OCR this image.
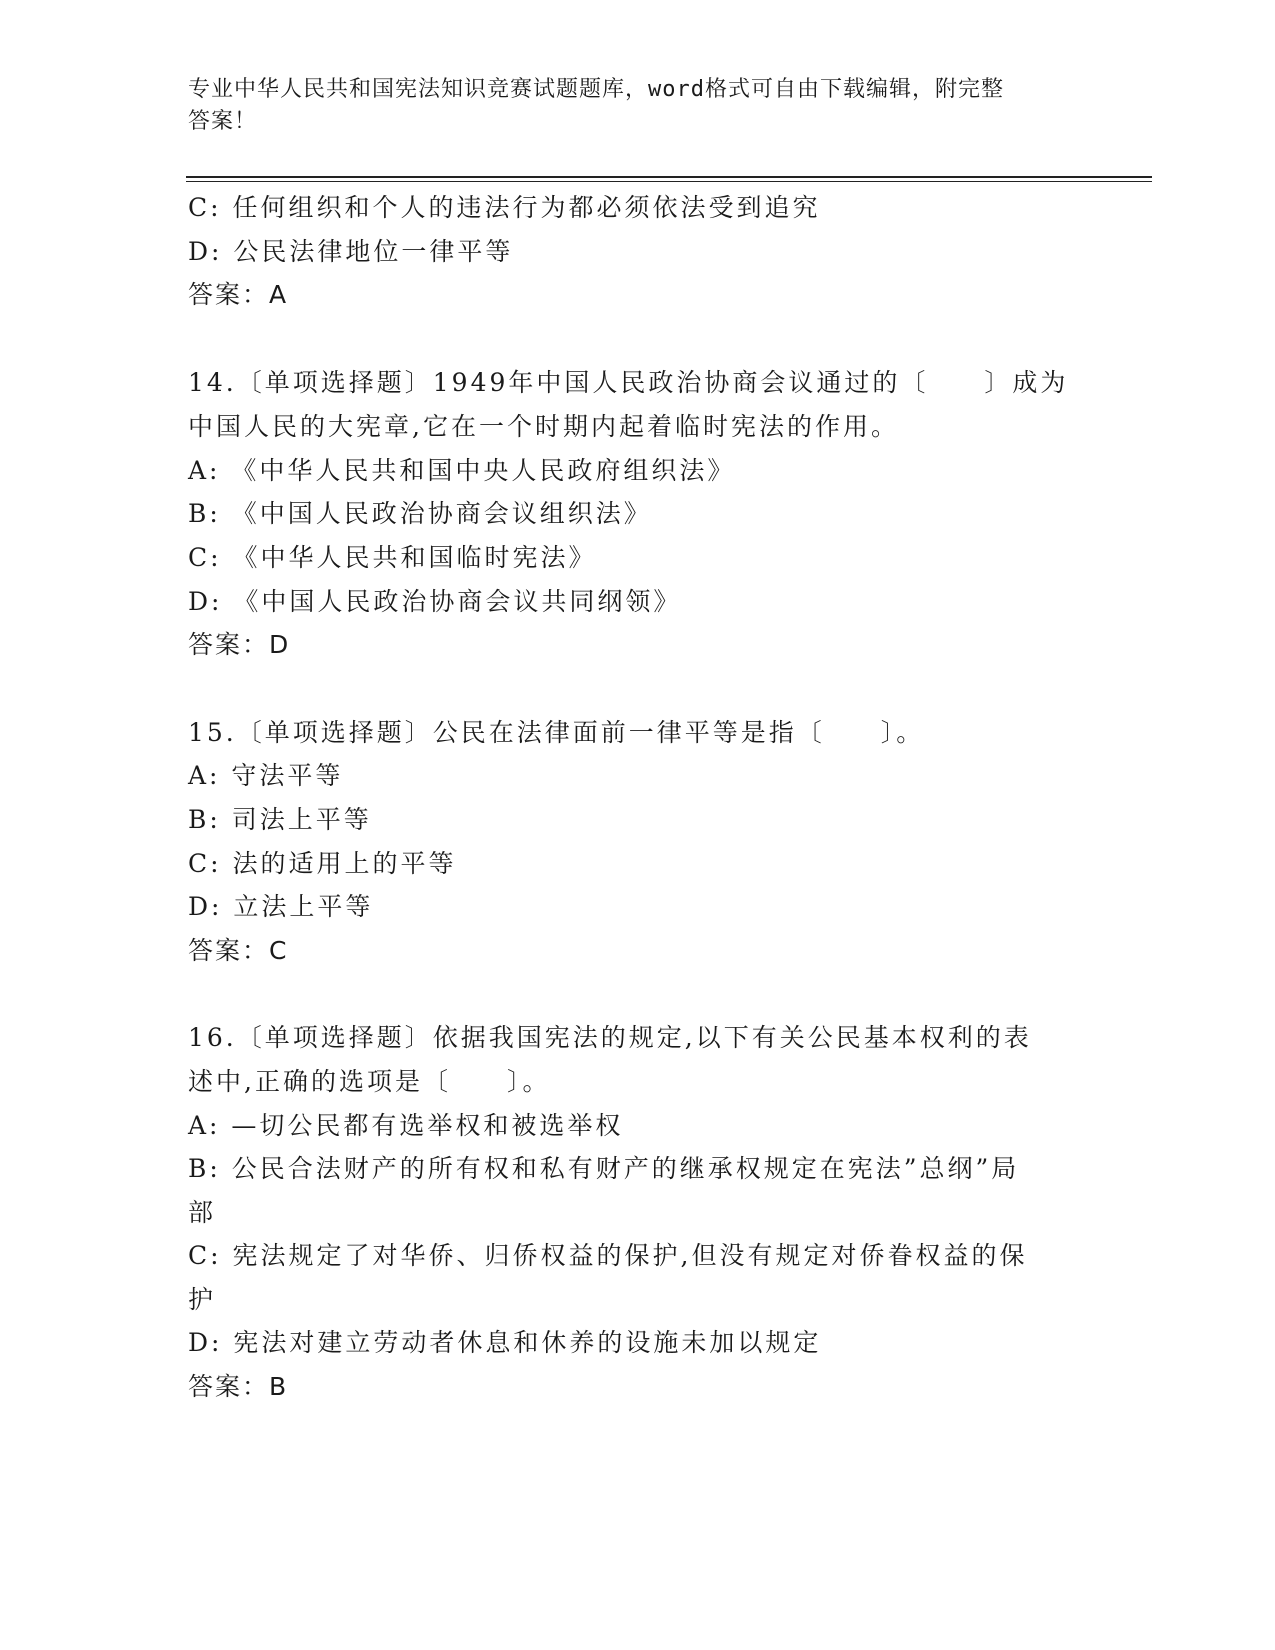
专业中华人民共和国宪法知识竞赛试题题库，word格式可自由下载编辑，附完整
答案！
C: 任何组织和个人的违法行为都必须依法受到追究
D: 公民法律地位一律平等
答案：A
14.〔单项选择题〕1949年中国人民政治协商会议通过的〔　　〕成为
中国人民的大宪章,它在一个时期内起着临时宪法的作用。
A: 《中华人民共和国中央人民政府组织法》
B: 《中国人民政治协商会议组织法》
C: 《中华人民共和国临时宪法》
D: 《中国人民政治协商会议共同纲领》
答案：D
15.〔单项选择题〕公民在法律面前一律平等是指〔　　〕。
A: 守法平等
B: 司法上平等
C: 法的适用上的平等
D: 立法上平等
答案：C
16.〔单项选择题〕依据我国宪法的规定,以下有关公民基本权利的表
述中,正确的选项是〔　　〕。
A: —切公民都有选举权和被选举权
B: 公民合法财产的所有权和私有财产的继承权规定在宪法”总纲”局
部
C: 宪法规定了对华侨、归侨权益的保护,但没有规定对侨眷权益的保
护
D: 宪法对建立劳动者休息和休养的设施未加以规定
答案：B
